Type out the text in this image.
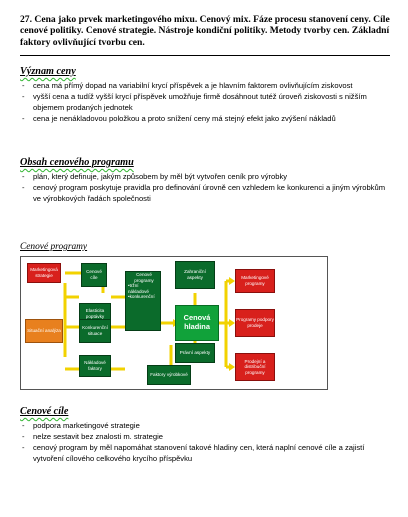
27. Cena jako prvek marketingového mixu. Cenový mix. Fáze procesu stanovení ceny. Cíle cenové politiky. Cenové strategie. Nástroje kondiční politiky. Metody tvorby cen. Základní faktory ovlivňující tvorbu cen.
Význam ceny
- cena má přímý dopad na variabilní krycí příspěvek a je hlavním faktorem ovlivňujícím ziskovost
- vyšší cena a tudíž vyšší krycí příspěvek umožňuje firmě dosáhnout tutéž úroveň ziskovosti s nižším objemem prodaných jednotek
- cena je nenákladovou položkou a proto snížení ceny má stejný efekt jako zvýšení nákladů
Obsah cenového programu
- plán, který definuje, jakým způsobem by měl být vytvořen ceník pro výrobky
- cenový program poskytuje pravidla pro definování úrovně cen vzhledem ke konkurenci a jiným výrobkům ve výrobkových řadách společnosti
Cenové programy
Cenové cíle
Marketingová strategie
Elasticita poptávky
Konkurenční situace
Situační analýza
Nákladové faktory
Cenové programy
•tržní
nákladové
•konkurenční
Zahraniční aspekty
Cenová hladina
Právní aspekty
Faktory výrobkové
Marketingové programy
Programy podpory prodeje
Prodejní a distribuční programy
Cenové cíle
- podpora marketingové strategie
- nelze sestavit bez znalosti m. strategie
- cenový program by měl napomáhat stanovení takové hladiny cen, která naplní cenové cíle a zajistí vytvoření cílového celkového krycího příspěvku
